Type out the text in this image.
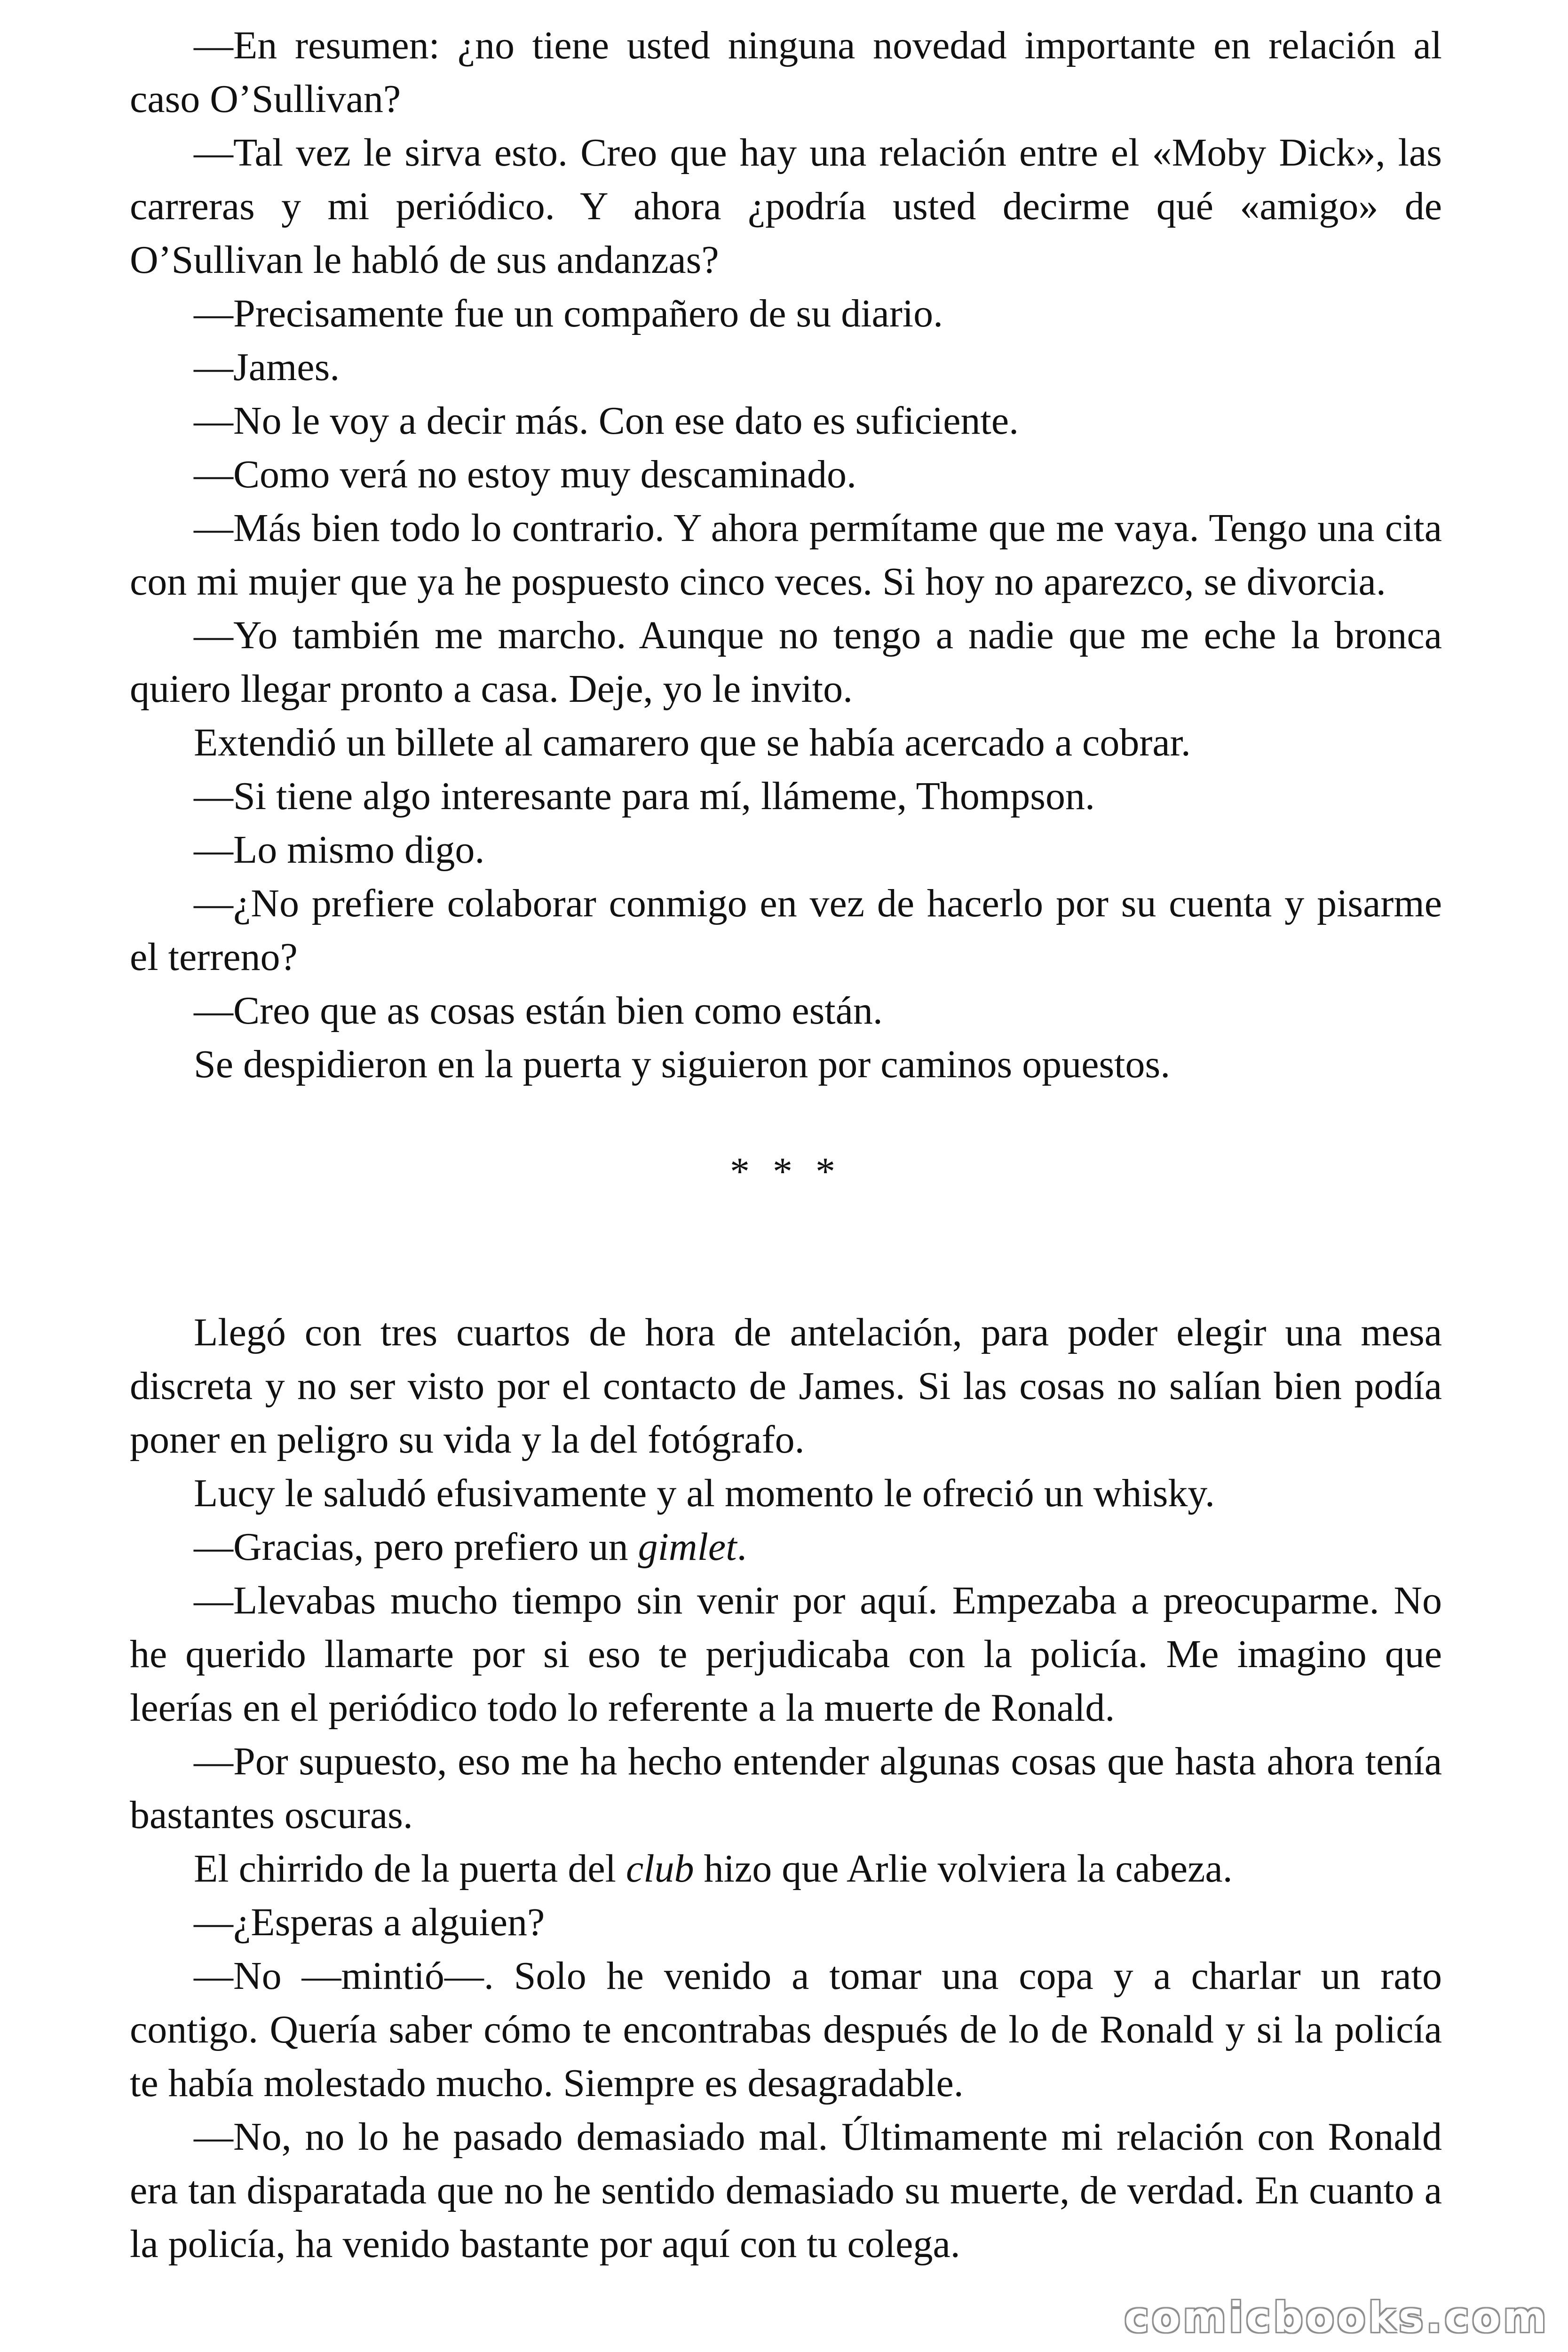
—En resumen: ¿no tiene usted ninguna novedad importante en relación al caso O’Sullivan?

—Tal vez le sirva esto. Creo que hay una relación entre el «Moby Dick», las carreras y mi periódico. Y ahora ¿podría usted decirme qué «amigo» de O’Sullivan le habló de sus andanzas?

—Precisamente fue un compañero de su diario.

—James.

—No le voy a decir más. Con ese dato es suficiente.

—Como verá no estoy muy descaminado.

—Más bien todo lo contrario. Y ahora permítame que me vaya. Tengo una cita con mi mujer que ya he pospuesto cinco veces. Si hoy no aparezco, se divorcia.

—Yo también me marcho. Aunque no tengo a nadie que me eche la bronca quiero llegar pronto a casa. Deje, yo le invito.

Extendió un billete al camarero que se había acercado a cobrar.

—Si tiene algo interesante para mí, llámeme, Thompson.

—Lo mismo digo.

—¿No prefiere colaborar conmigo en vez de hacerlo por su cuenta y pisarme el terreno?

—Creo que as cosas están bien como están.

Se despidieron en la puerta y siguieron por caminos opuestos.

* * *

Llegó con tres cuartos de hora de antelación, para poder elegir una mesa discreta y no ser visto por el contacto de James. Si las cosas no salían bien podía poner en peligro su vida y la del fotógrafo.

Lucy le saludó efusivamente y al momento le ofreció un whisky.

—Gracias, pero prefiero un gimlet.

—Llevabas mucho tiempo sin venir por aquí. Empezaba a preocuparme. No he querido llamarte por si eso te perjudicaba con la policía. Me imagino que leerías en el periódico todo lo referente a la muerte de Ronald.

—Por supuesto, eso me ha hecho entender algunas cosas que hasta ahora tenía bastantes oscuras.

El chirrido de la puerta del club hizo que Arlie volviera la cabeza.

—¿Esperas a alguien?

—No —mintió—. Solo he venido a tomar una copa y a charlar un rato contigo. Quería saber cómo te encontrabas después de lo de Ronald y si la policía te había molestado mucho. Siempre es desagradable.

—No, no lo he pasado demasiado mal. Últimamente mi relación con Ronald era tan disparatada que no he sentido demasiado su muerte, de verdad. En cuanto a la policía, ha venido bastante por aquí con tu colega.

comicbooks.com
